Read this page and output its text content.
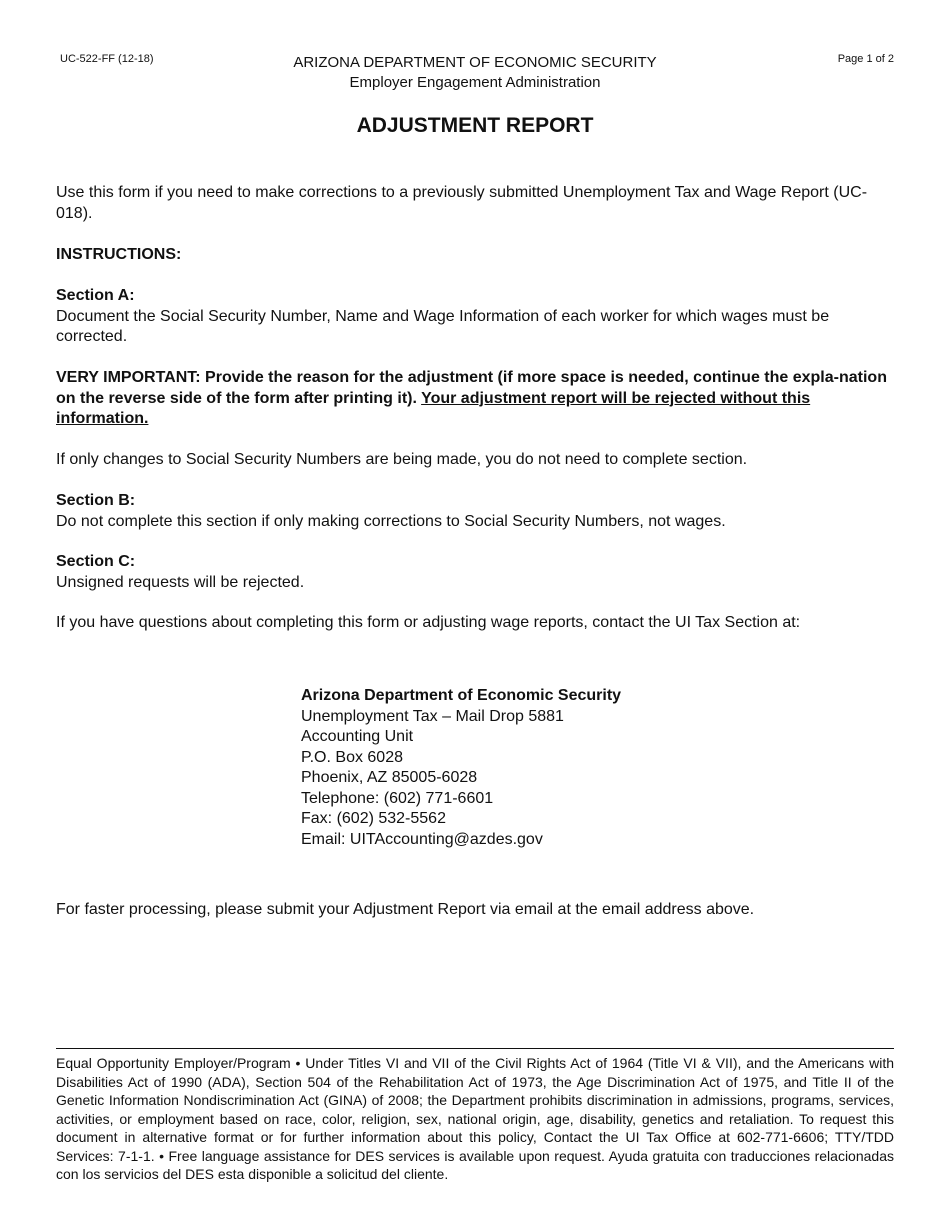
UC-522-FF (12-18)	Page 1 of 2
ARIZONA DEPARTMENT OF ECONOMIC SECURITY
Employer Engagement Administration
ADJUSTMENT REPORT
Use this form if you need to make corrections to a previously submitted Unemployment Tax and Wage Report (UC-018).
INSTRUCTIONS:
Section A:
Document the Social Security Number, Name and Wage Information of each worker for which wages must be corrected.
VERY IMPORTANT: Provide the reason for the adjustment (if more space is needed, continue the expla-nation on the reverse side of the form after printing it). Your adjustment report will be rejected without this information.
If only changes to Social Security Numbers are being made, you do not need to complete section.
Section B:
Do not complete this section if only making corrections to Social Security Numbers, not wages.
Section C:
Unsigned requests will be rejected.
If you have questions about completing this form or adjusting wage reports, contact the UI Tax Section at:
Arizona Department of Economic Security
Unemployment Tax – Mail Drop 5881
Accounting Unit
P.O. Box 6028
Phoenix, AZ 85005-6028
Telephone: (602) 771-6601
Fax: (602) 532-5562
Email: UITAccounting@azdes.gov
For faster processing, please submit your Adjustment Report via email at the email address above.
Equal Opportunity Employer/Program • Under Titles VI and VII of the Civil Rights Act of 1964 (Title VI & VII), and the Americans with Disabilities Act of 1990 (ADA), Section 504 of the Rehabilitation Act of 1973, the Age Discrimination Act of 1975, and Title II of the Genetic Information Nondiscrimination Act (GINA) of 2008; the Department prohibits discrimination in admissions, programs, services, activities, or employment based on race, color, religion, sex, national origin, age, disability, genetics and retaliation. To request this document in alternative format or for further information about this policy, Contact the UI Tax Office at 602-771-6606; TTY/TDD Services: 7-1-1. • Free language assistance for DES services is available upon request. Ayuda gratuita con traducciones relacionadas con los servicios del DES esta disponible a solicitud del cliente.
